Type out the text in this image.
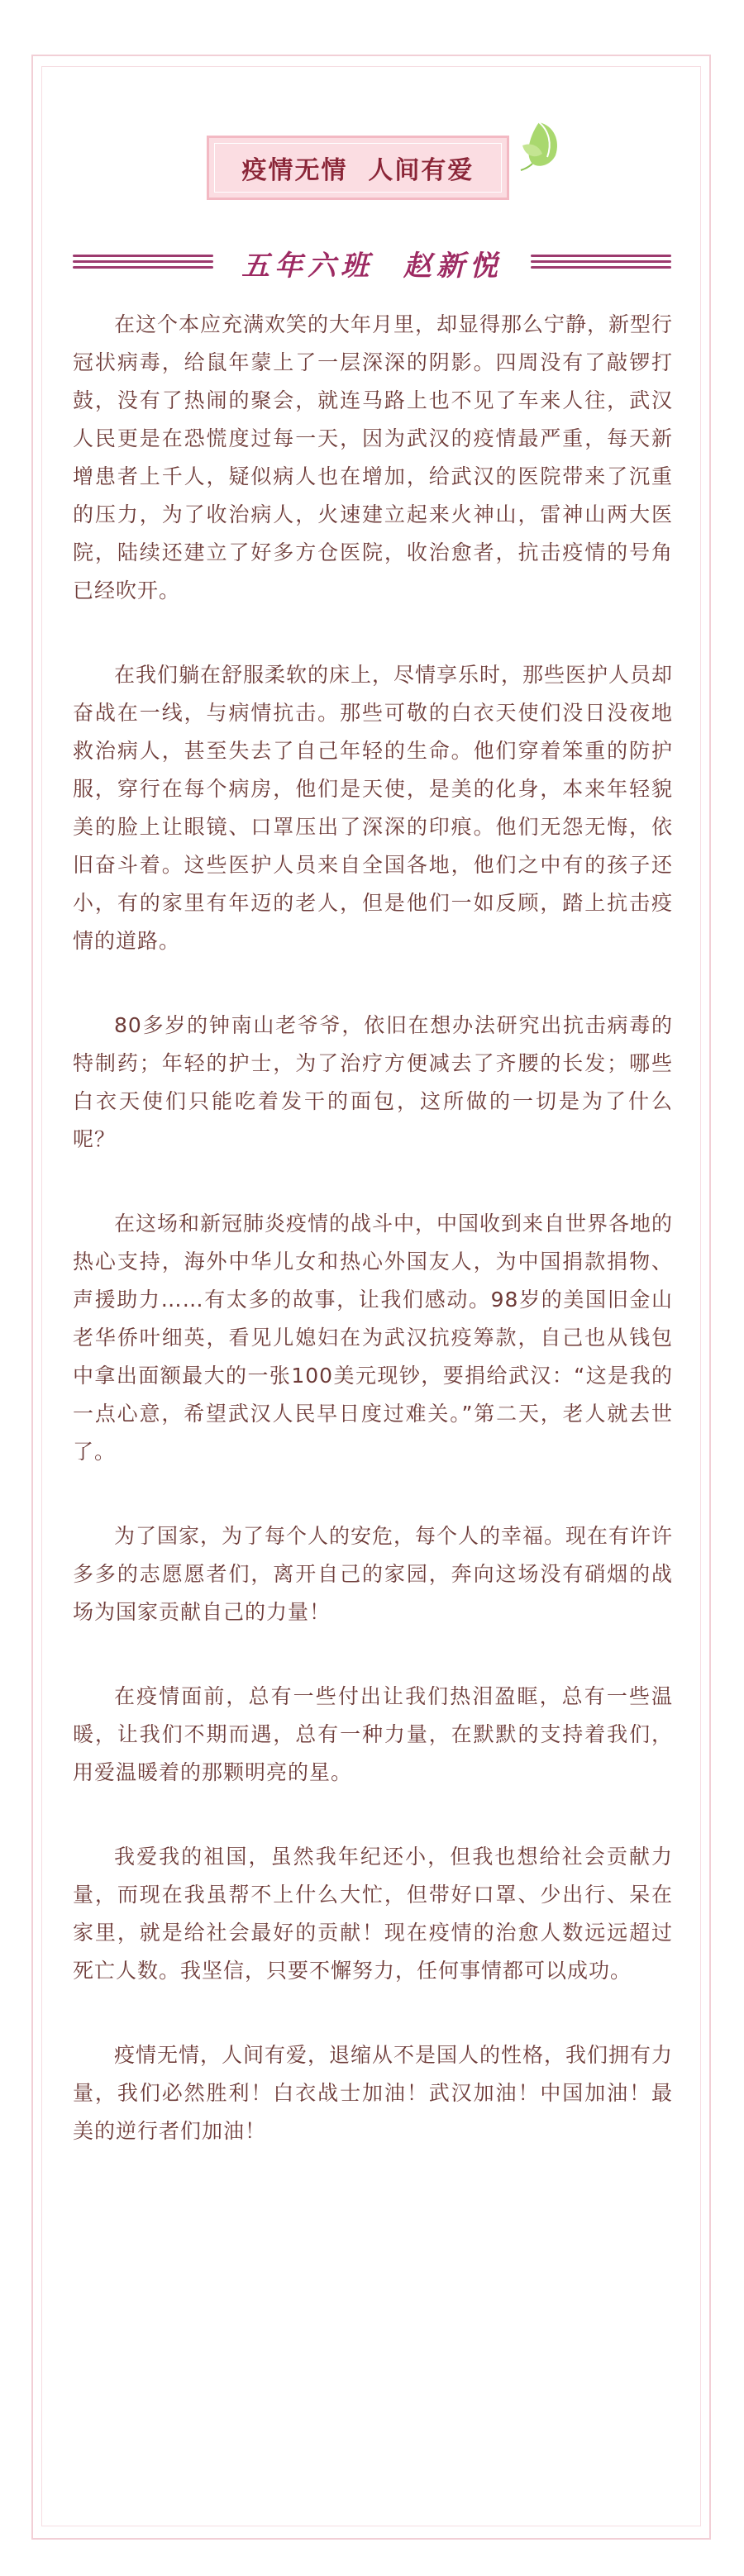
疫情无情  人间有爱
五年六班  赵新悦

在这个本应充满欢笑的大年月里，却显得那么宁静，新型行冠状病毒，给鼠年蒙上了一层深深的阴影。四周没有了敲锣打鼓，没有了热闹的聚会，就连马路上也不见了车来人往，武汉人民更是在恐慌度过每一天，因为武汉的疫情最严重，每天新增患者上千人，疑似病人也在增加，给武汉的医院带来了沉重的压力，为了收治病人，火速建立起来火神山，雷神山两大医院，陆续还建立了好多方仓医院，收治愈者，抗击疫情的号角已经吹开。

在我们躺在舒服柔软的床上，尽情享乐时，那些医护人员却奋战在一线，与病情抗击。那些可敬的白衣天使们没日没夜地救治病人，甚至失去了自己年轻的生命。他们穿着笨重的防护服，穿行在每个病房，他们是天使，是美的化身，本来年轻貌美的脸上让眼镜、口罩压出了深深的印痕。他们无怨无悔，依旧奋斗着。这些医护人员来自全国各地，他们之中有的孩子还小，有的家里有年迈的老人，但是他们一如反顾，踏上抗击疫情的道路。

80多岁的钟南山老爷爷，依旧在想办法研究出抗击病毒的特制药；年轻的护士，为了治疗方便减去了齐腰的长发；哪些白衣天使们只能吃着发干的面包，这所做的一切是为了什么呢？

在这场和新冠肺炎疫情的战斗中，中国收到来自世界各地的热心支持，海外中华儿女和热心外国友人，为中国捐款捐物、声援助力……有太多的故事，让我们感动。98岁的美国旧金山老华侨叶细英，看见儿媳妇在为武汉抗疫筹款，自己也从钱包中拿出面额最大的一张100美元现钞，要捐给武汉：“这是我的一点心意，希望武汉人民早日度过难关。”第二天，老人就去世了。

为了国家，为了每个人的安危，每个人的幸福。现在有许许多多的志愿愿者们，离开自己的家园，奔向这场没有硝烟的战场为国家贡献自己的力量！

在疫情面前，总有一些付出让我们热泪盈眶，总有一些温暖，让我们不期而遇，总有一种力量，在默默的支持着我们，用爱温暖着的那颗明亮的星。

我爱我的祖国，虽然我年纪还小，但我也想给社会贡献力量，而现在我虽帮不上什么大忙，但带好口罩、少出行、呆在家里，就是给社会最好的贡献！现在疫情的治愈人数远远超过死亡人数。我坚信，只要不懈努力，任何事情都可以成功。

疫情无情，人间有爱，退缩从不是国人的性格，我们拥有力量，我们必然胜利！白衣战士加油！武汉加油！中国加油！最美的逆行者们加油！
